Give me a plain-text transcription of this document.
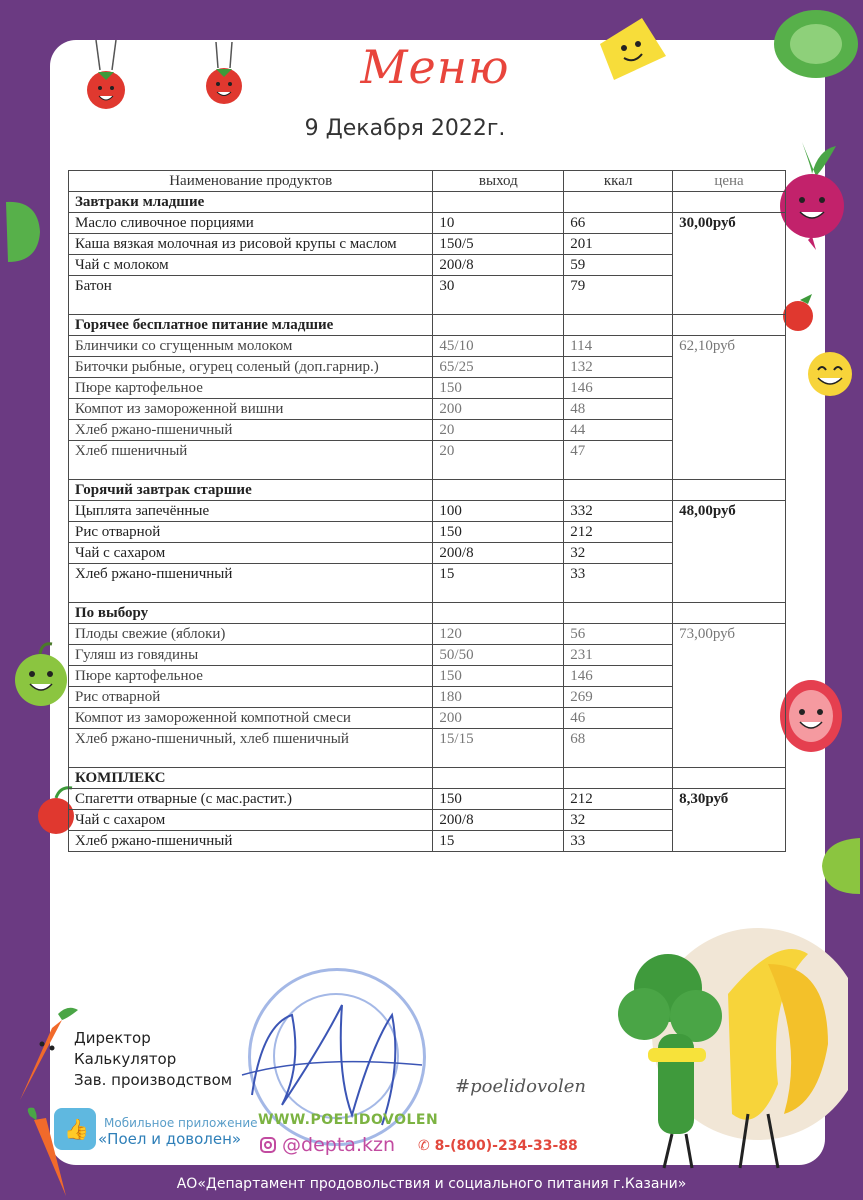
Меню
9 Декабря 2022г.
Наименование продуктов	выход	ккал	цена
Завтраки младшие			
Масло сливочное порциями	10	66	30,00руб
Каша вязкая молочная из рисовой крупы с маслом	150/5	201	
Чай с молоком	200/8	59	
Батон	30	79	
Горячее бесплатное питание младшие			
Блинчики со сгущенным молоком	45/10	114	62,10руб
Биточки рыбные, огурец соленый (доп.гарнир.)	65/25	132	
Пюре картофельное	150	146	
Компот из замороженной вишни	200	48	
Хлеб ржано-пшеничный	20	44	
Хлеб пшеничный	20	47	
Горячий завтрак старшие			
Цыплята запечённые	100	332	48,00руб
Рис отварной	150	212	
Чай с сахаром	200/8	32	
Хлеб ржано-пшеничный	15	33	
По выбору			
Плоды свежие (яблоки)	120	56	73,00руб
Гуляш из говядины	50/50	231	
Пюре картофельное	150	146	
Рис отварной	180	269	
Компот из замороженной компотной смеси	200	46	
Хлеб ржано-пшеничный, хлеб пшеничный	15/15	68	
КОМПЛЕКС			
Спагетти отварные (с мас.растит.)	150	212	8,30руб
Чай с сахаром	200/8	32	
Хлеб ржано-пшеничный	15	33	
Директор
Калькулятор
Зав. производством	#poelidovolen
👍 Мобильное приложение
«Поел и доволен»
WWW.POELIDOVOLEN
@depta.kzn ✆ 8-(800)-234-33-88
АО«Департамент продовольствия и социального питания г.Казани»
